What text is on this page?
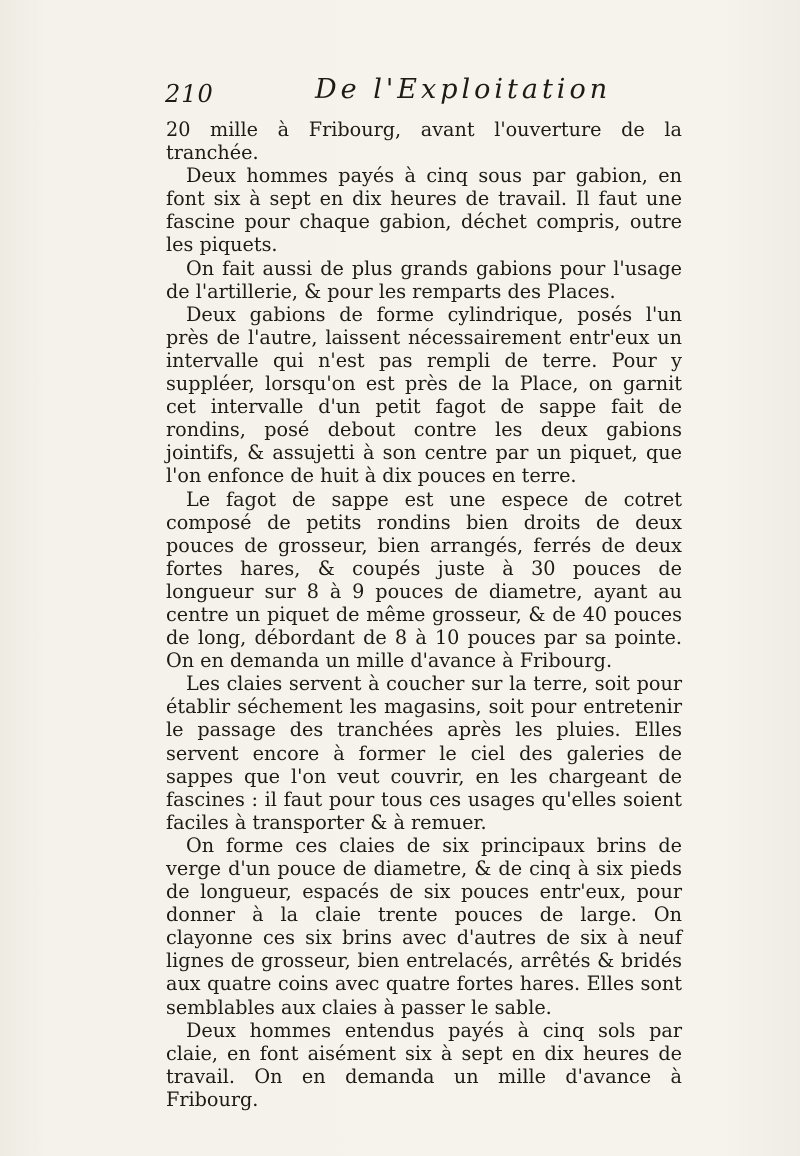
210	De l'Exploitation

20 mille à Fribourg, avant l'ouverture de la tranchée.

Deux hommes payés à cinq sous par gabion, en font six à sept en dix heures de travail. Il faut une fascine pour chaque gabion, déchet compris, outre les piquets.

On fait aussi de plus grands gabions pour l'usage de l'artillerie, & pour les remparts des Places.

Deux gabions de forme cylindrique, posés l'un près de l'autre, laissent nécessairement entr'eux un intervalle qui n'est pas rempli de terre. Pour y suppléer, lorsqu'on est près de la Place, on garnit cet intervalle d'un petit fagot de sappe fait de rondins, posé debout contre les deux gabions jointifs, & assujetti à son centre par un piquet, que l'on enfonce de huit à dix pouces en terre.

Le fagot de sappe est une espece de cotret composé de petits rondins bien droits de deux pouces de grosseur, bien arrangés, ferrés de deux fortes hares, & coupés juste à 30 pouces de longueur sur 8 à 9 pouces de diametre, ayant au centre un piquet de même grosseur, & de 40 pouces de long, débordant de 8 à 10 pouces par sa pointe. On en demanda un mille d'avance à Fribourg.

Les claies servent à coucher sur la terre, soit pour établir séchement les magasins, soit pour entretenir le passage des tranchées après les pluies. Elles servent encore à former le ciel des galeries de sappes que l'on veut couvrir, en les chargeant de fascines : il faut pour tous ces usages qu'elles soient faciles à transporter & à remuer.

On forme ces claies de six principaux brins de verge d'un pouce de diametre, & de cinq à six pieds de longueur, espacés de six pouces entr'eux, pour donner à la claie trente pouces de large. On clayonne ces six brins avec d'autres de six à neuf lignes de grosseur, bien entrelacés, arrêtés & bridés aux quatre coins avec quatre fortes hares. Elles sont semblables aux claies à passer le sable.

Deux hommes entendus payés à cinq sols par claie, en font aisément six à sept en dix heures de travail. On en demanda un mille d'avance à Fribourg.
